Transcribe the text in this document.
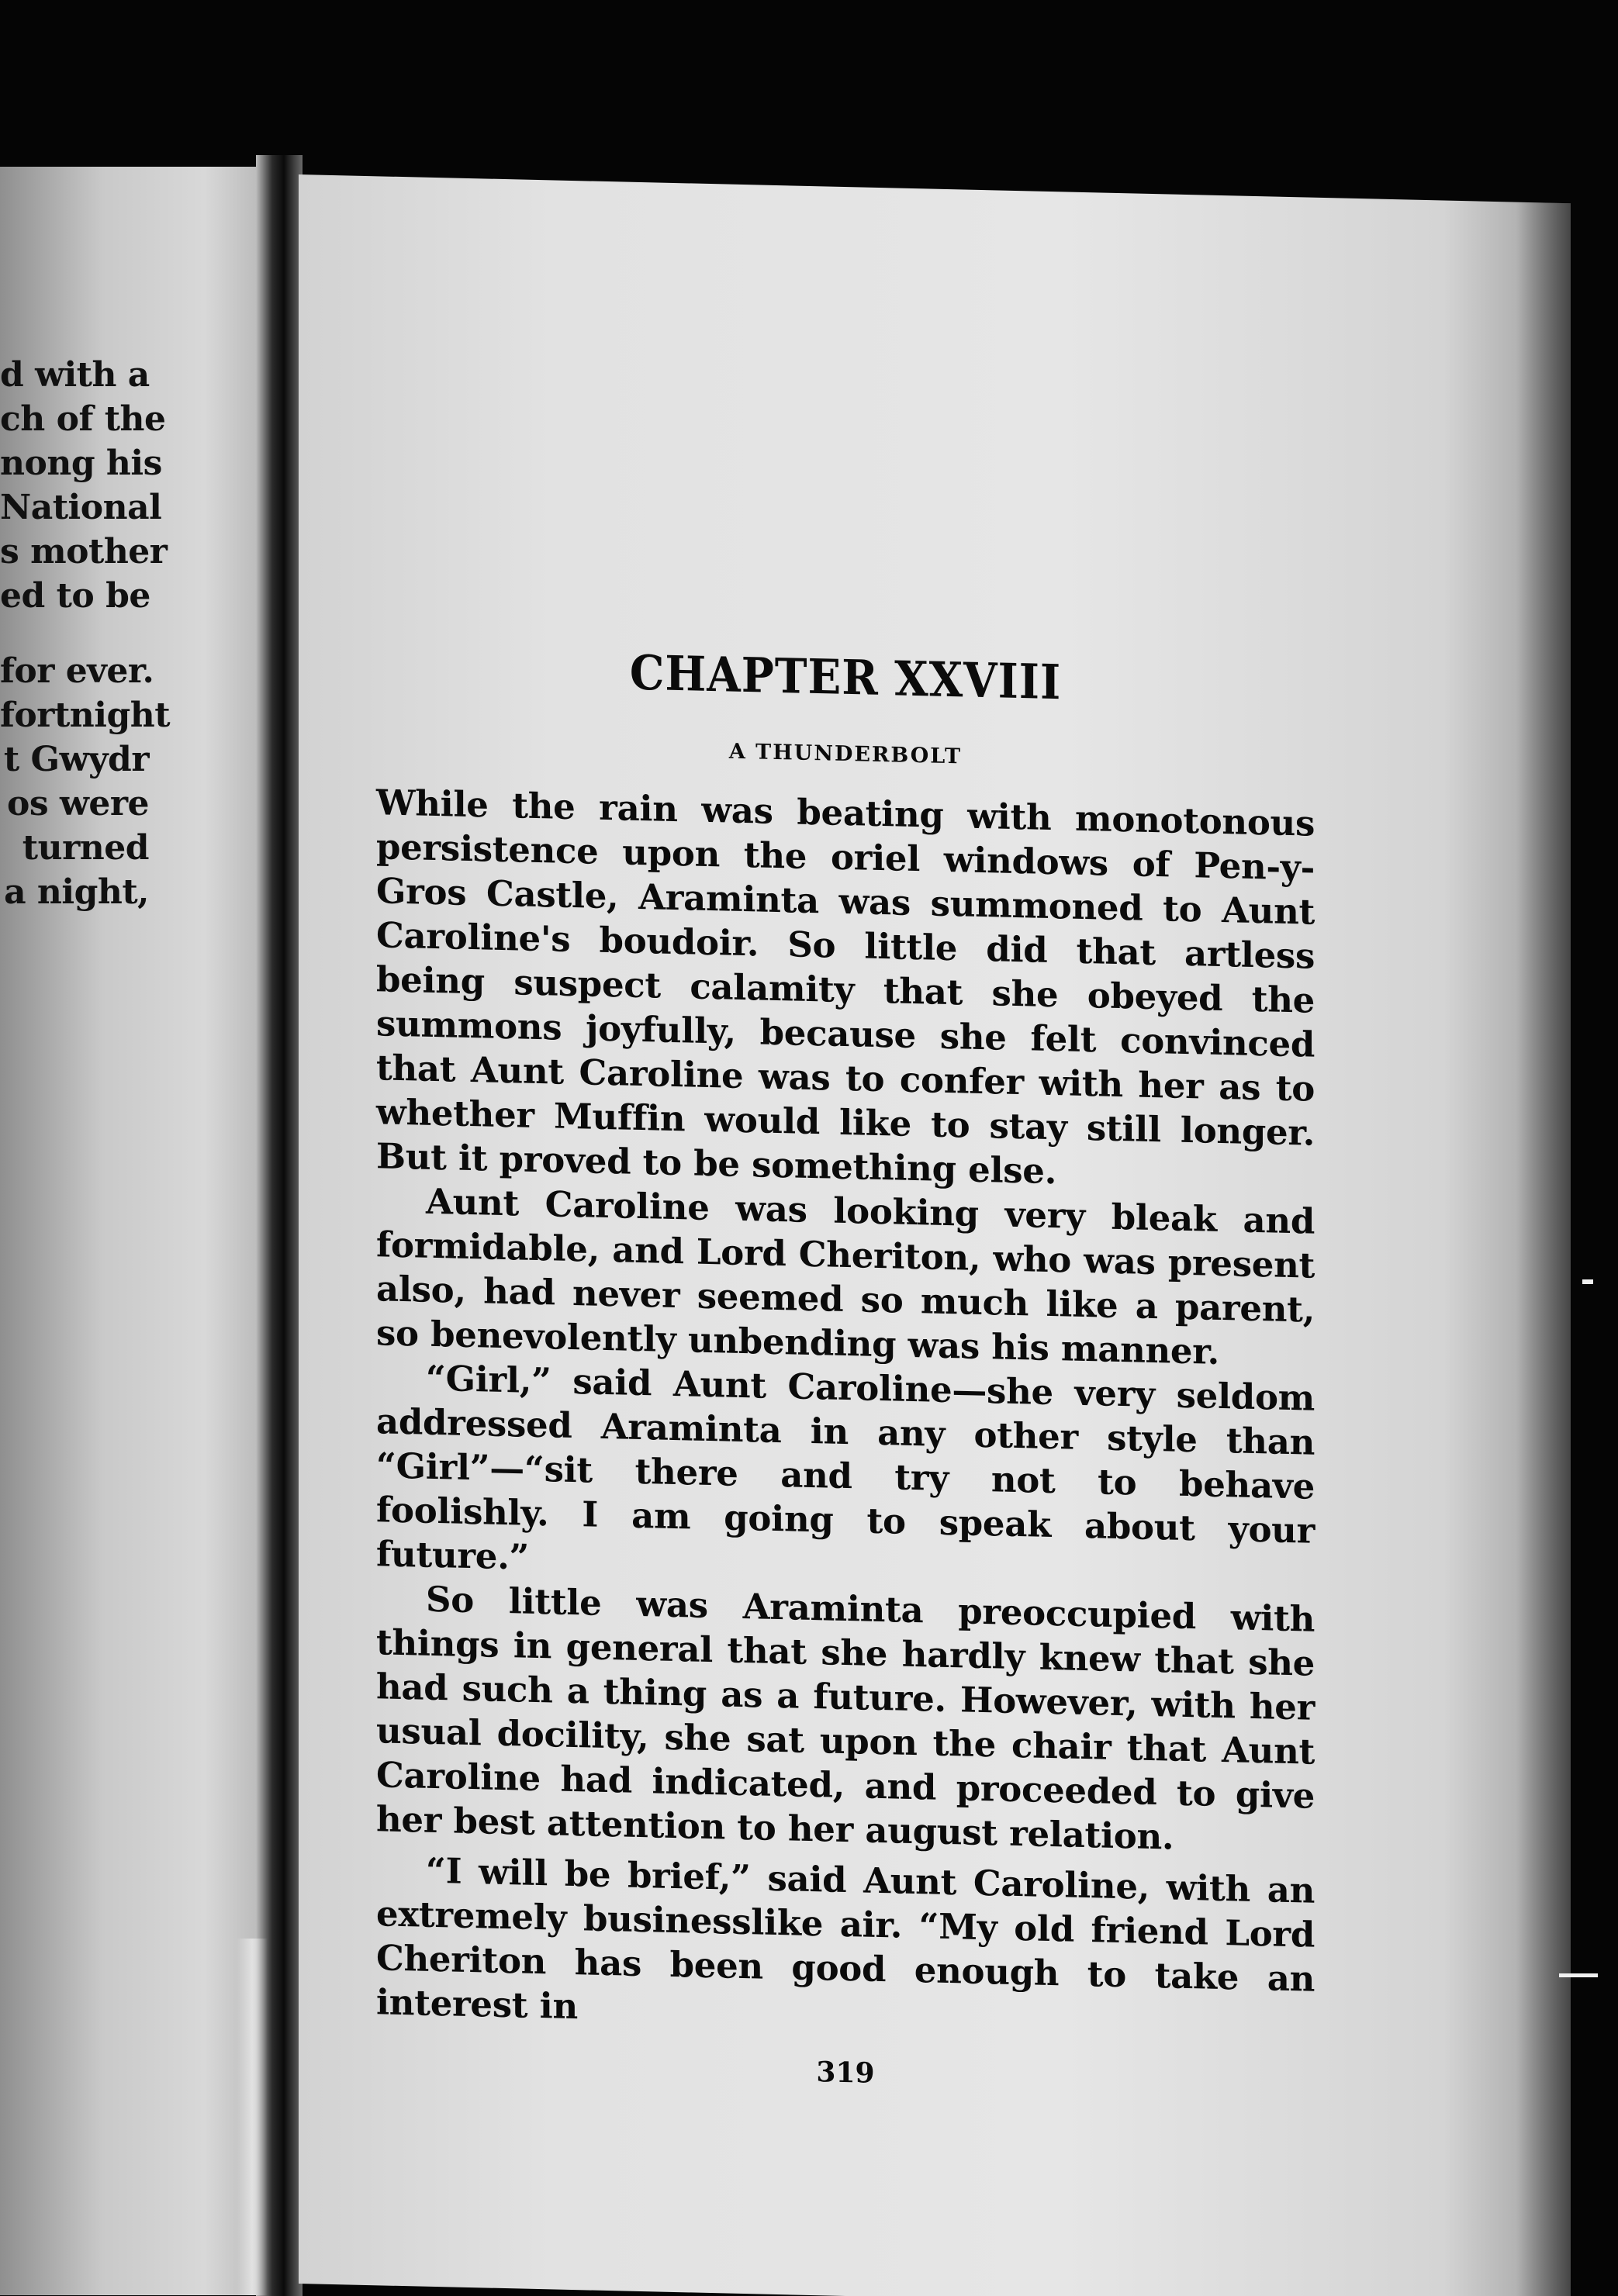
d with a
ch of the
nong his
National
s mother
ed to be
for ever.
fortnight
t Gwydr
os were
turned
a night,
CHAPTER XXVIII
A THUNDERBOLT

While the rain was beating with monotonous persistence upon the oriel windows of Pen-y-Gros Castle, Araminta was summoned to Aunt Caroline's boudoir. So little did that artless being suspect calamity that she obeyed the summons joyfully, because she felt convinced that Aunt Caroline was to confer with her as to whether Muffin would like to stay still longer. But it proved to be something else.

Aunt Caroline was looking very bleak and formidable, and Lord Cheriton, who was present also, had never seemed so much like a parent, so benevolently unbending was his manner.

“Girl,” said Aunt Caroline—she very seldom addressed Araminta in any other style than “Girl”—“sit there and try not to behave foolishly. I am going to speak about your future.”

So little was Araminta preoccupied with things in general that she hardly knew that she had such a thing as a future. However, with her usual docility, she sat upon the chair that Aunt Caroline had indicated, and proceeded to give her best attention to her august relation.

“I will be brief,” said Aunt Caroline, with an extremely businesslike air. “My old friend Lord Cheriton has been good enough to take an interest in

319
